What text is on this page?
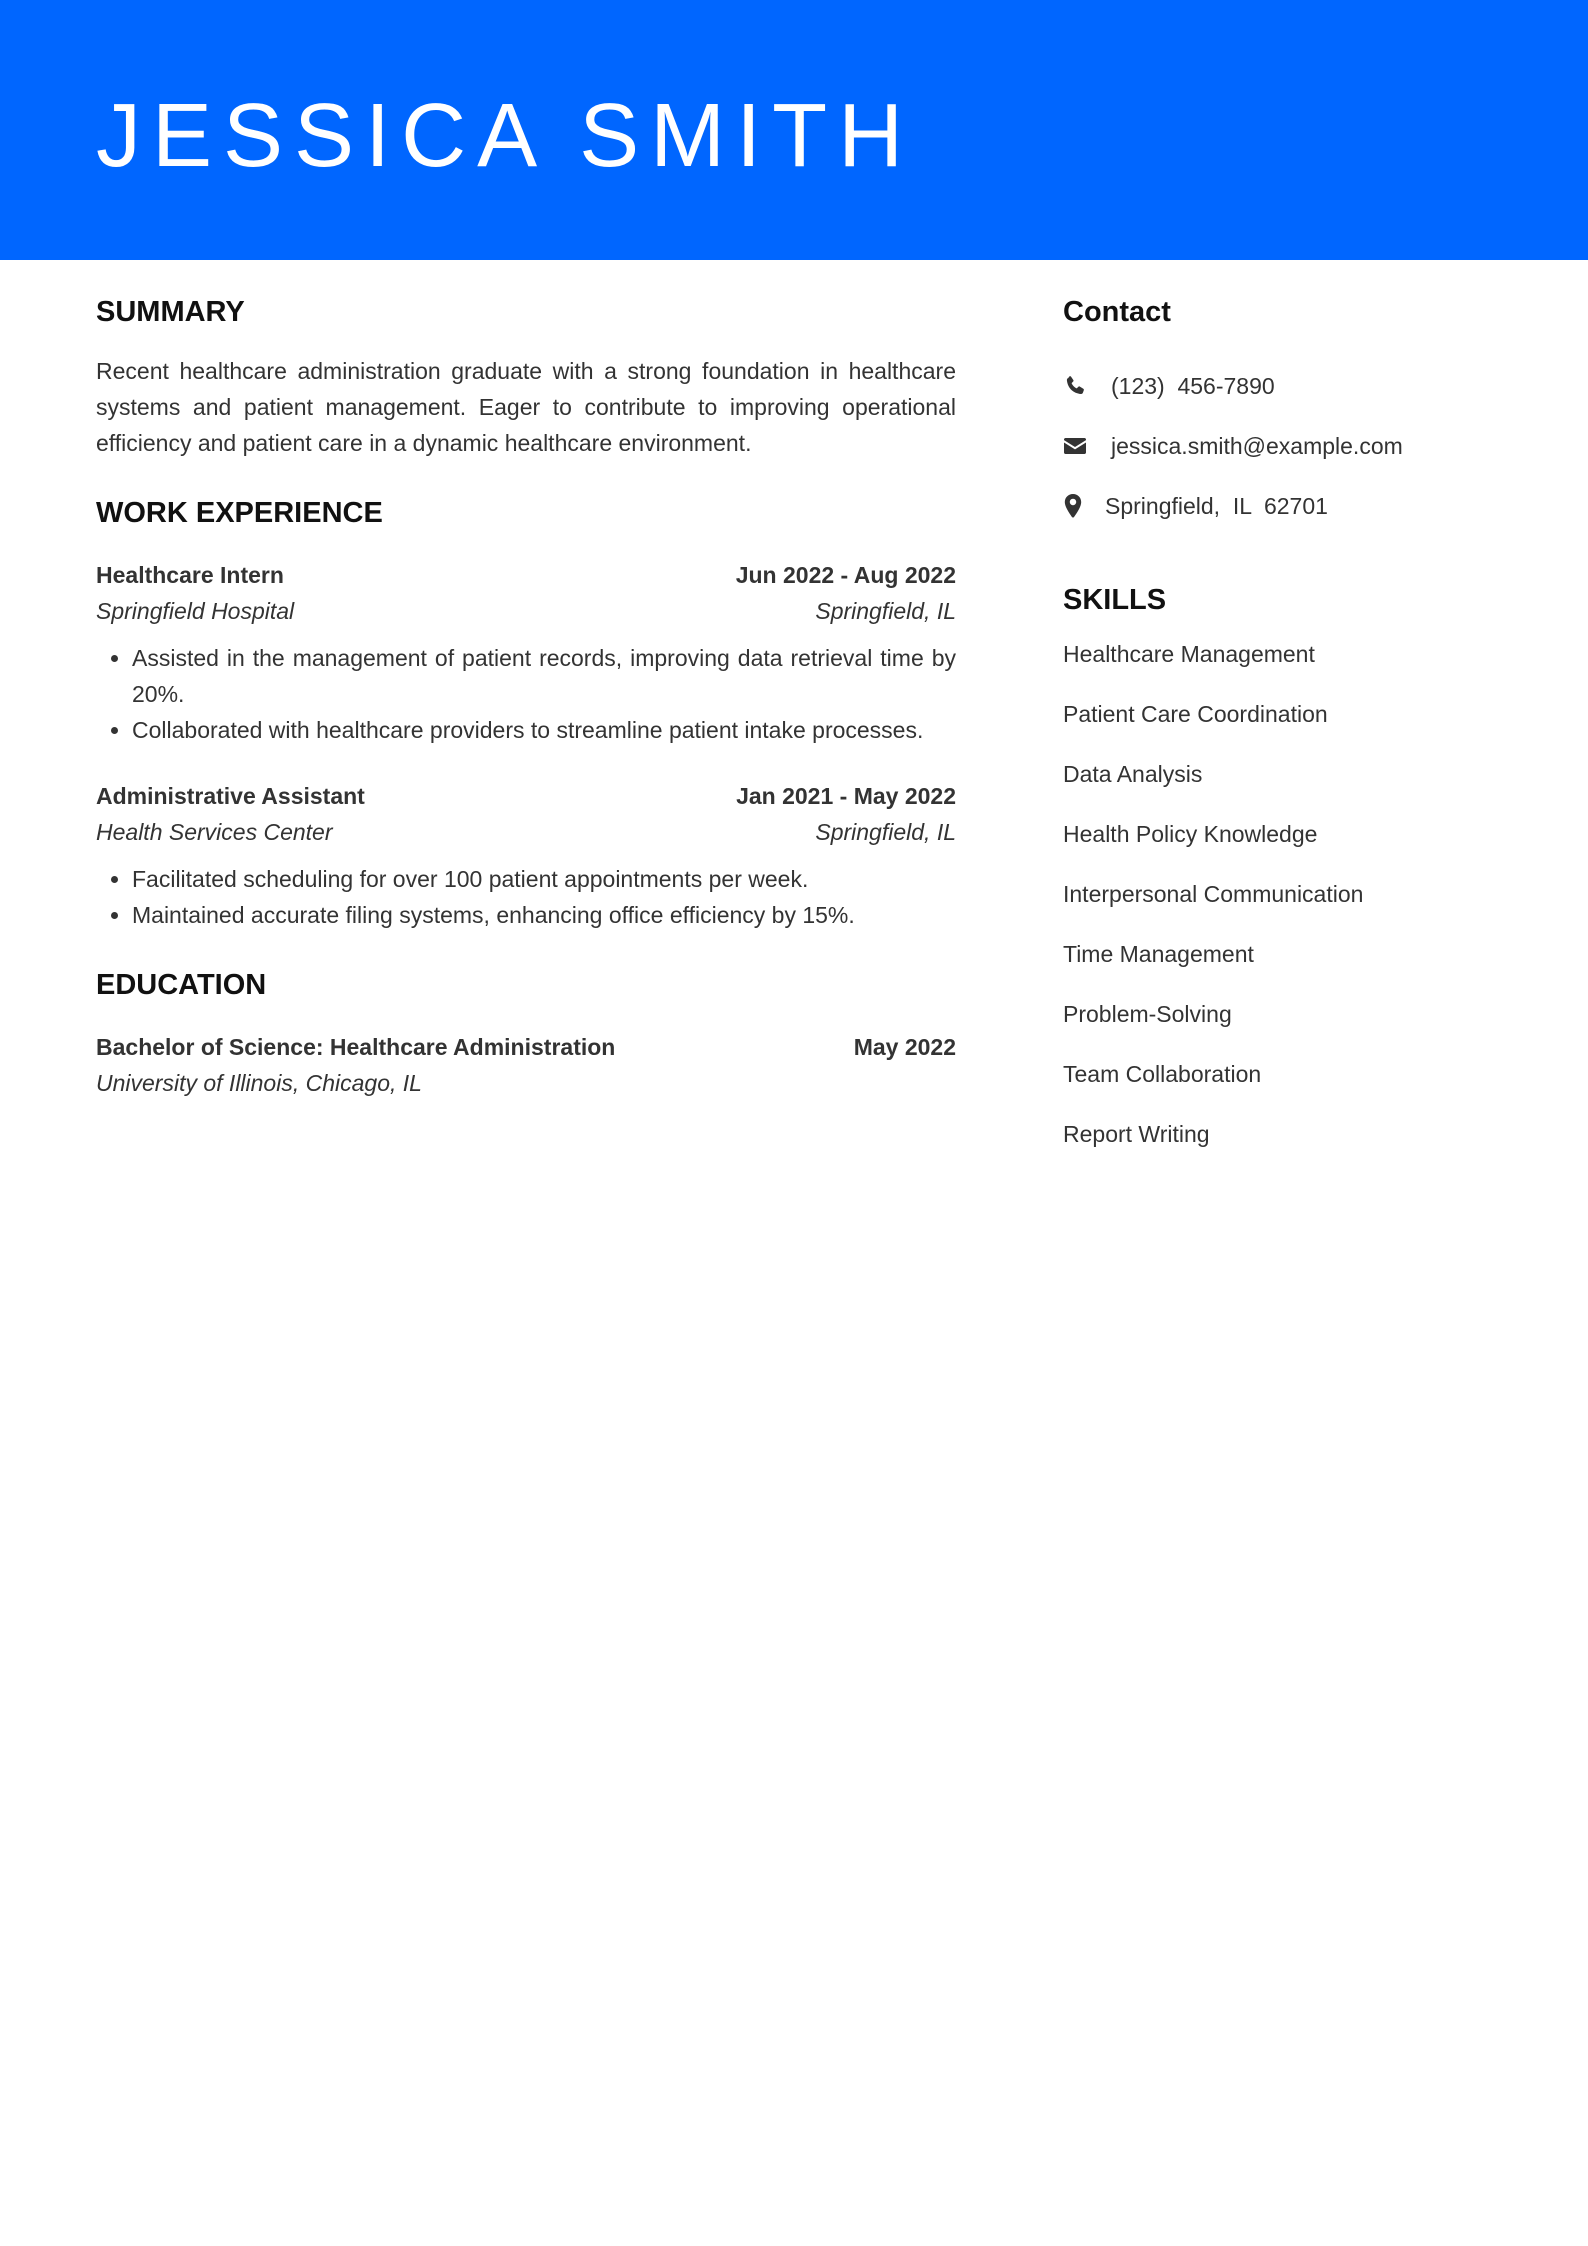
JESSICA SMITH
SUMMARY
Recent healthcare administration graduate with a strong foundation in healthcare systems and patient management. Eager to contribute to improving operational efficiency and patient care in a dynamic healthcare environment.
WORK EXPERIENCE
Healthcare Intern	Jun 2022 - Aug 2022
Springfield Hospital	Springfield, IL
• Assisted in the management of patient records, improving data retrieval time by 20%.
• Collaborated with healthcare providers to streamline patient intake processes.
Administrative Assistant	Jan 2021 - May 2022
Health Services Center	Springfield, IL
• Facilitated scheduling for over 100 patient appointments per week.
• Maintained accurate filing systems, enhancing office efficiency by 15%.
EDUCATION
Bachelor of Science: Healthcare Administration	May 2022
University of Illinois, Chicago, IL
Contact
(123)  456-7890
jessica.smith@example.com
Springfield,  IL  62701
SKILLS
Healthcare Management
Patient Care Coordination
Data Analysis
Health Policy Knowledge
Interpersonal Communication
Time Management
Problem-Solving
Team Collaboration
Report Writing
